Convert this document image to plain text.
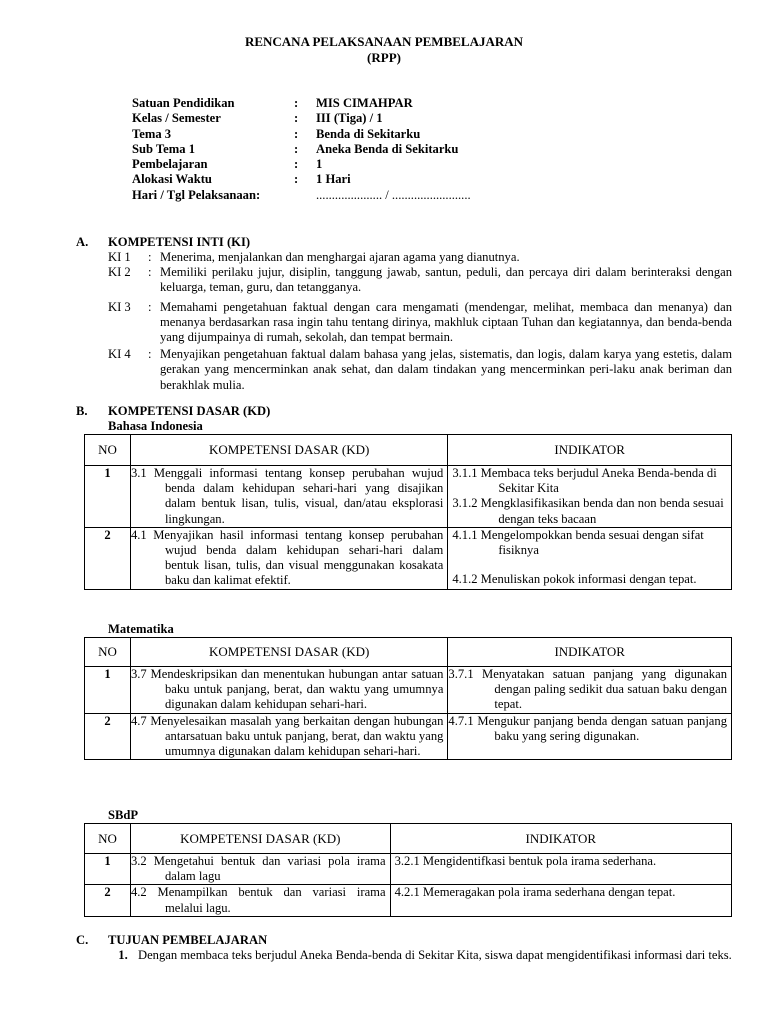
RENCANA PELAKSANAAN PEMBELAJARAN
(RPP)
Satuan Pendidikan	:	MIS CIMAHPAR
Kelas / Semester	:	III (Tiga) / 1
Tema 3	:	Benda di Sekitarku
Sub Tema 1	:	Aneka Benda di Sekitarku
Pembelajaran	:	1
Alokasi Waktu	:	1 Hari
Hari / Tgl Pelaksanaan:	..................... / .........................
A. KOMPETENSI INTI (KI)
KI 1	: Menerima, menjalankan dan menghargai ajaran agama yang dianutnya.
KI 2	: Memiliki perilaku jujur, disiplin, tanggung jawab, santun, peduli, dan percaya diri dalam berinteraksi dengan keluarga, teman, guru, dan tetangganya.
KI 3	: Memahami pengetahuan faktual dengan cara mengamati (mendengar, melihat, membaca dan menanya) dan menanya berdasarkan rasa ingin tahu tentang dirinya, makhluk ciptaan Tuhan dan kegiatannya, dan benda-benda yang dijumpainya di rumah, sekolah, dan tempat bermain.
KI 4	: Menyajikan pengetahuan faktual dalam bahasa yang jelas, sistematis, dan logis, dalam karya yang estetis, dalam gerakan yang mencerminkan anak sehat, dan dalam tindakan yang mencerminkan peri-laku anak beriman dan berakhlak mulia.
B. KOMPETENSI DASAR (KD)
Bahasa Indonesia
NO	KOMPETENSI DASAR (KD)	INDIKATOR
1	3.1 Menggali informasi tentang konsep perubahan wujud benda dalam kehidupan sehari-hari yang disajikan dalam bentuk lisan, tulis, visual, dan/atau eksplorasi lingkungan.	3.1.1 Membaca teks berjudul Aneka Benda-benda di Sekitar Kita
3.1.2 Mengklasifikasikan benda dan non benda sesuai dengan teks bacaan

2	4.1 Menyajikan hasil informasi tentang konsep perubahan wujud benda dalam kehidupan sehari-hari dalam bentuk lisan, tulis, dan visual menggunakan kosakata baku dan kalimat efektif.	4.1.1 Mengelompokkan benda sesuai dengan sifat fisiknya
4.1.2 Menuliskan pokok informasi dengan tepat.
Matematika
NO	KOMPETENSI DASAR (KD)	INDIKATOR
1	3.7 Mendeskripsikan dan menentukan hubungan antar satuan baku untuk panjang, berat, dan waktu yang umumnya digunakan dalam kehidupan sehari-hari.	3.7.1 Menyatakan satuan panjang yang digunakan dengan paling sedikit dua satuan baku dengan tepat.
2	4.7 Menyelesaikan masalah yang berkaitan dengan hubungan antarsatuan baku untuk panjang, berat, dan waktu yang umumnya digunakan dalam kehidupan sehari-hari.	4.7.1 Mengukur panjang benda dengan satuan panjang baku yang sering digunakan.
SBdP
NO	KOMPETENSI DASAR (KD)	INDIKATOR
1	3.2 Mengetahui bentuk dan variasi pola irama dalam lagu	3.2.1 Mengidentifkasi bentuk pola irama sederhana.
2	4.2 Menampilkan bentuk dan variasi irama melalui lagu.	4.2.1 Memeragakan pola irama sederhana dengan tepat.
C. TUJUAN PEMBELAJARAN
1. Dengan membaca teks berjudul Aneka Benda-benda di Sekitar Kita, siswa dapat mengidentifikasi informasi dari teks.
